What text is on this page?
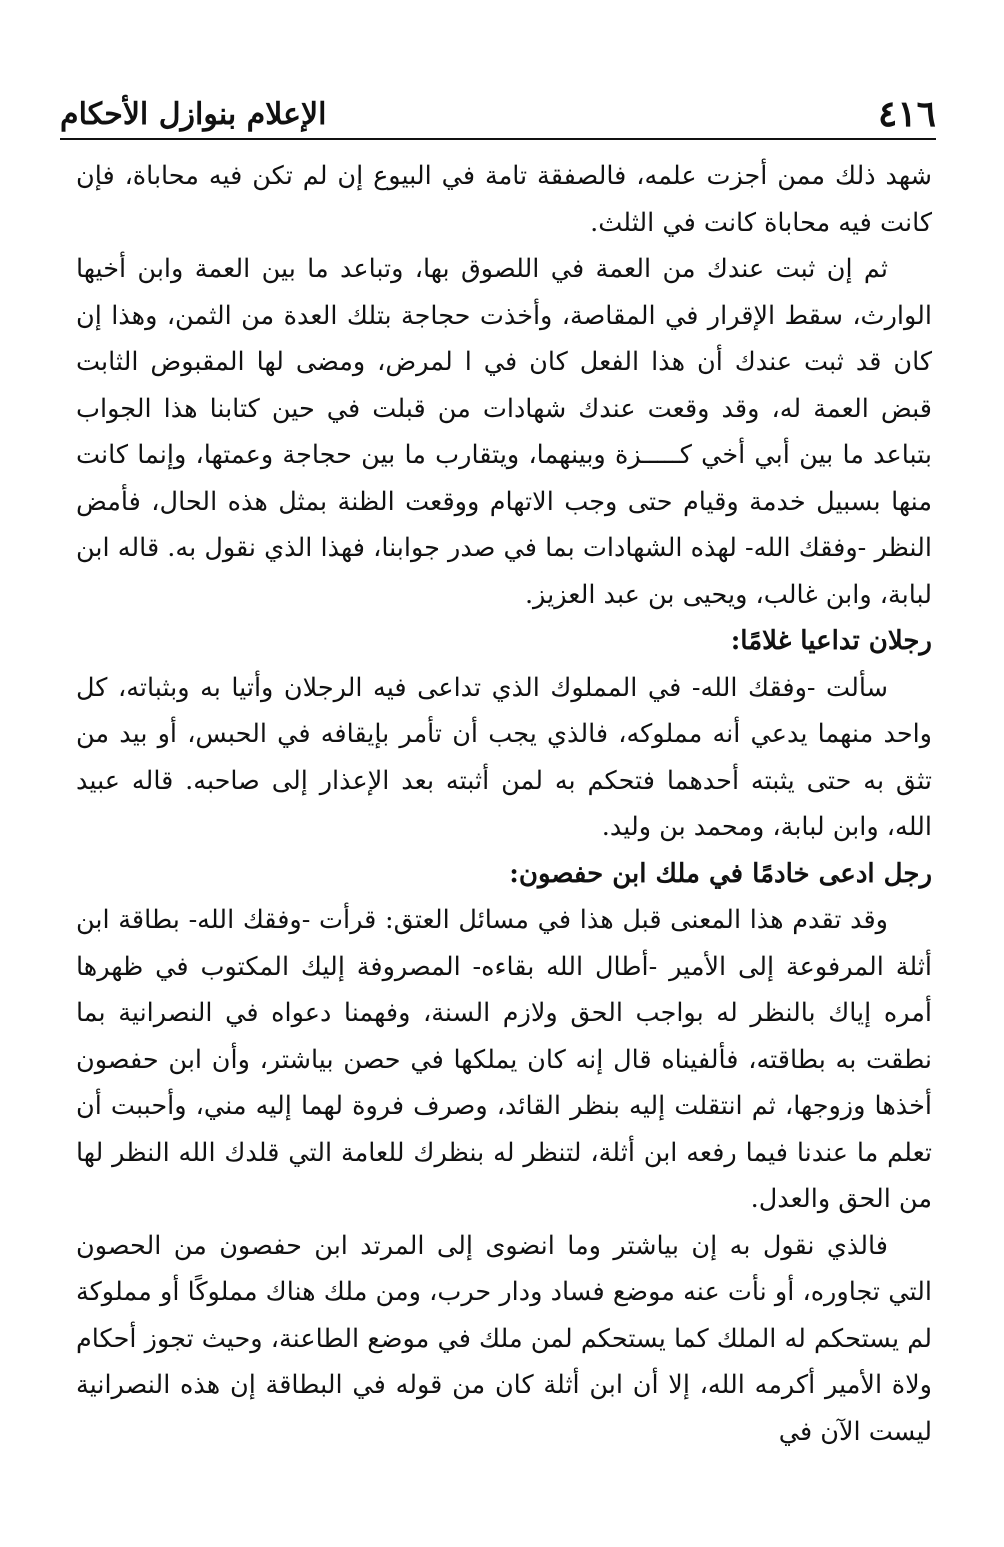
٤١٦
الإعلام بنوازل الأحكام

شهد ذلك ممن أجزت علمه، فالصفقة تامة في البيوع إن لم تكن فيه محاباة، فإن كانت فيه محاباة كانت في الثلث.

ثم إن ثبت عندك من العمة في اللصوق بها، وتباعد ما بين العمة وابن أخيها الوارث، سقط الإقرار في المقاصة، وأخذت حجاجة بتلك العدة من الثمن، وهذا إن كان قد ثبت عندك أن هذا الفعل كان في ا لمرض، ومضى لها المقبوض الثابت قبض العمة له، وقد وقعت عندك شهادات من قبلت في حين كتابنا هذا الجواب بتباعد ما بين أبي أخي كـــــزة وبينهما، ويتقارب ما بين حجاجة وعمتها، وإنما كانت منها بسبيل خدمة وقيام حتى وجب الاتهام ووقعت الظنة بمثل هذه الحال، فأمض النظر -وفقك الله- لهذه الشهادات بما في صدر جوابنا، فهذا الذي نقول به. قاله ابن لبابة، وابن غالب، ويحيى بن عبد العزيز.

رجلان تداعيا غلامًا:

سألت -وفقك الله- في المملوك الذي تداعى فيه الرجلان وأتيا به وبثباته، كل واحد منهما يدعي أنه مملوكه، فالذي يجب أن تأمر بإيقافه في الحبس، أو بيد من تثق به حتى يثبته أحدهما فتحكم به لمن أثبته بعد الإعذار إلى صاحبه. قاله عبيد الله، وابن لبابة، ومحمد بن وليد.

رجل ادعى خادمًا في ملك ابن حفصون:

وقد تقدم هذا المعنى قبل هذا في مسائل العتق: قرأت -وفقك الله- بطاقة ابن أثلة المرفوعة إلى الأمير -أطال الله بقاءه- المصروفة إليك المكتوب في ظهرها أمره إياك بالنظر له بواجب الحق ولازم السنة، وفهمنا دعواه في النصرانية بما نطقت به بطاقته، فألفيناه قال إنه كان يملكها في حصن بياشتر، وأن ابن حفصون أخذها وزوجها، ثم انتقلت إليه بنظر القائد، وصرف فروة لهما إليه مني، وأحببت أن تعلم ما عندنا فيما رفعه ابن أثلة، لتنظر له بنظرك للعامة التي قلدك الله النظر لها من الحق والعدل.

فالذي نقول به إن بياشتر وما انضوى إلى المرتد ابن حفصون من الحصون التي تجاوره، أو نأت عنه موضع فساد ودار حرب، ومن ملك هناك مملوكًا أو مملوكة لم يستحكم له الملك كما يستحكم لمن ملك في موضع الطاعنة، وحيث تجوز أحكام ولاة الأمير أكرمه الله، إلا أن ابن أثلة كان من قوله في البطاقة إن هذه النصرانية ليست الآن في
